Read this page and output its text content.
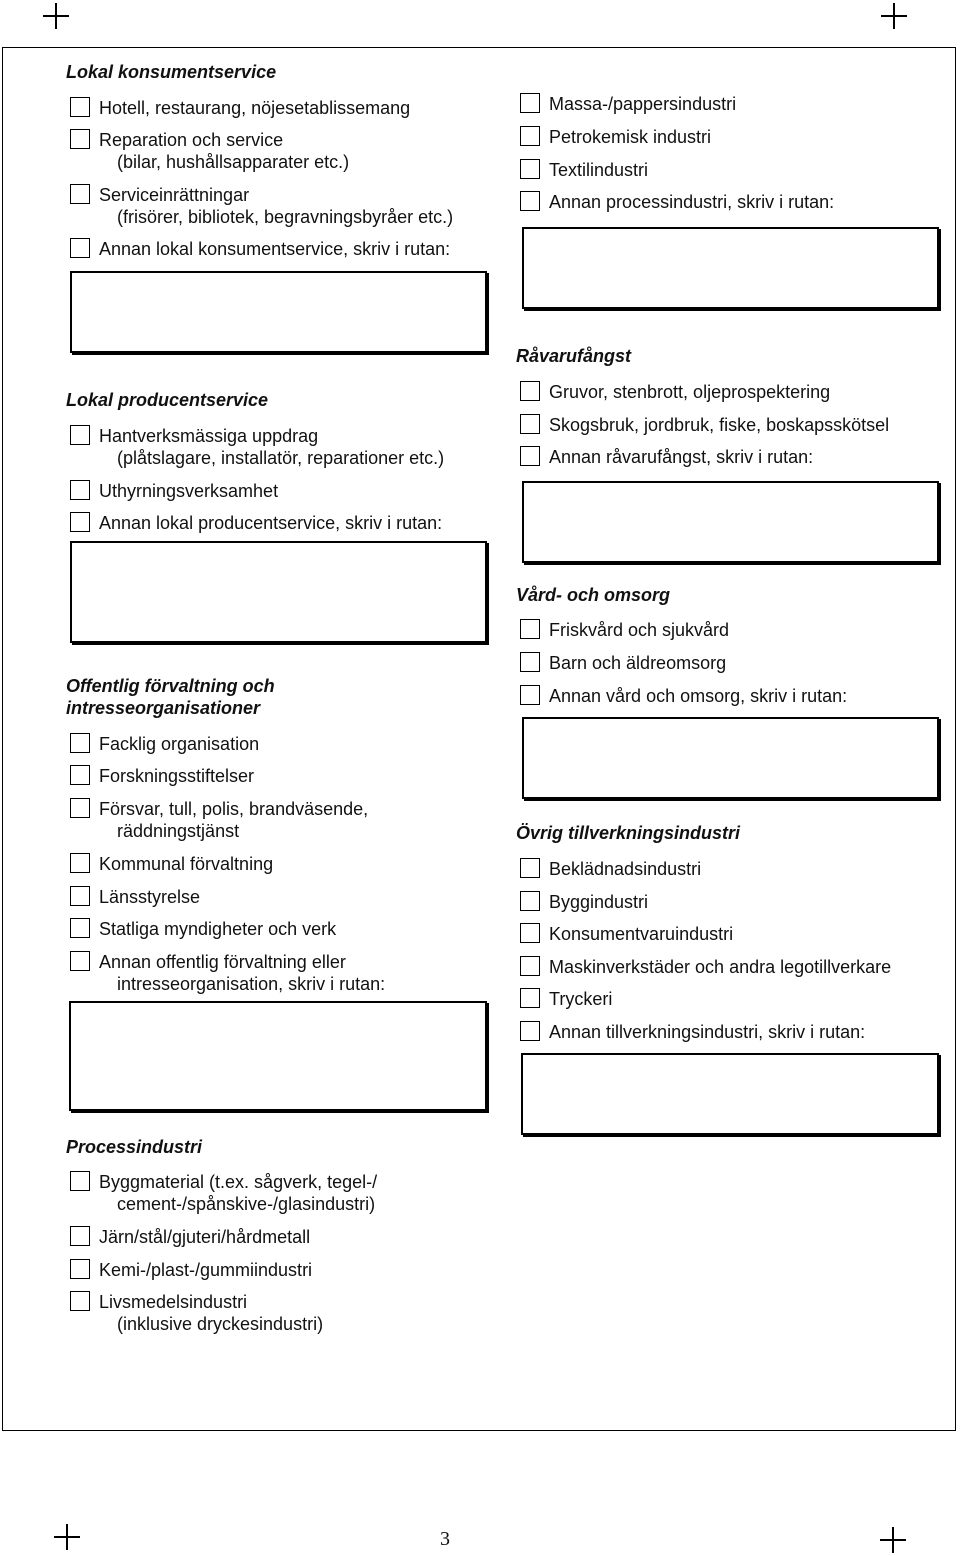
Lokal konsumentservice
Hotell, restaurang, nöjesetablissemang
Reparation och service
(bilar, hushållsapparater etc.)
Serviceinrättningar
(frisörer, bibliotek, begravningsbyråer etc.)
Annan lokal konsumentservice, skriv i rutan:
Lokal producentservice
Hantverksmässiga uppdrag
(plåtslagare, installatör, reparationer etc.)
Uthyrningsverksamhet
Annan lokal producentservice, skriv i rutan:
Offentlig förvaltning och
intresseorganisationer
Facklig organisation
Forskningsstiftelser
Försvar, tull, polis, brandväsende,
räddningstjänst
Kommunal förvaltning
Länsstyrelse
Statliga myndigheter och verk
Annan offentlig förvaltning eller
intresseorganisation, skriv i rutan:
Processindustri
Byggmaterial (t.ex. sågverk, tegel-/
cement-/spånskive-/glasindustri)
Järn/stål/gjuteri/hårdmetall
Kemi-/plast-/gummiindustri
Livsmedelsindustri
(inklusive dryckesindustri)
Massa-/pappersindustri
Petrokemisk industri
Textilindustri
Annan processindustri, skriv i rutan:
Råvarufångst
Gruvor, stenbrott, oljeprospektering
Skogsbruk, jordbruk, fiske, boskapsskötsel
Annan råvarufångst, skriv i rutan:
Vård- och omsorg
Friskvård och sjukvård
Barn och äldreomsorg
Annan vård och omsorg, skriv i rutan:
Övrig tillverkningsindustri
Beklädnadsindustri
Byggindustri
Konsumentvaruindustri
Maskinverkstäder och andra legotillverkare
Tryckeri
Annan tillverkningsindustri, skriv i rutan:
3
